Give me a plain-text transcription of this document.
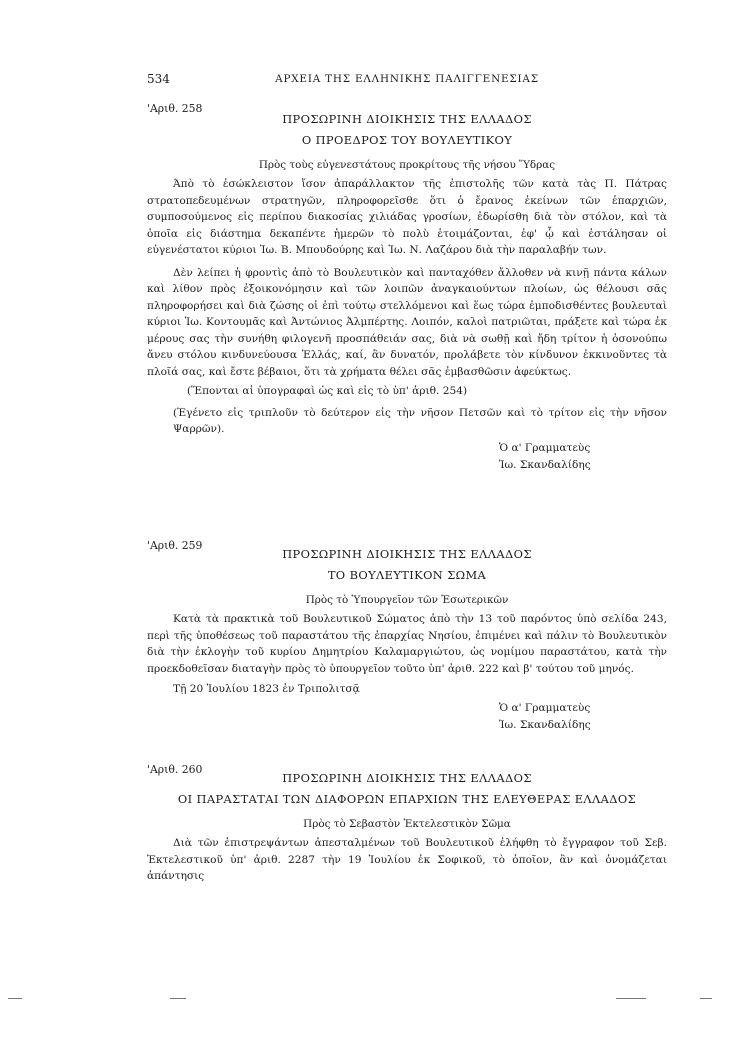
534	ΑΡΧΕΙΑ ΤΗΣ ΕΛΛΗΝΙΚΗΣ ΠΑΛΙΓΓΕΝΕΣΙΑΣ
'Αριθ. 258
ΠΡΟΣΩΡΙΝΗ ΔΙΟΙΚΗΣΙΣ ΤΗΣ ΕΛΛΑΔΟΣ
Ο ΠΡΟΕΔΡΟΣ ΤΟΥ ΒΟΥΛΕΥΤΙΚΟΥ
Πρὸς τοὺς εὐγενεστάτους προκρίτους τῆς νήσου Ὕδρας

Ἀπὸ τὸ ἐσώκλειστον ἴσον ἀπαράλλακτον τῆς ἐπιστολῆς τῶν κατὰ τὰς Π. Πάτρας στρατοπεδευμένων στρατηγῶν, πληροφορεῖσθε ὅτι ὁ ἔρανος ἐκείνων τῶν ἐπαρχιῶν, συμποσούμενος εἰς περίπου διακοσίας χιλιάδας γροσίων, ἐδωρίσθη διὰ τὸν στόλον, καὶ τὰ ὁποῖα εἰς διάστημα δεκαπέντε ἡμερῶν τὸ πολὺ ἑτοιμάζονται, ἐφ' ᾧ καὶ ἐστάλησαν οἱ εὐγενέστατοι κύριοι Ἰω. Β. Μπουδούρης καὶ Ἰω. Ν. Λαζάρου διὰ τὴν παραλαβήν των.

Δὲν λείπει ἡ φροντὶς ἀπὸ τὸ Βουλευτικὸν καὶ πανταχόθεν ἄλλοθεν νὰ κινῇ πάντα κάλων καὶ λίθον πρὸς ἐξοικονόμησιν καὶ τῶν λοιπῶν ἀναγκαιούντων πλοίων, ὡς θέλουσι σᾶς πληροφορήσει καὶ διὰ ζώσης οἱ ἐπὶ τούτῳ στελλόμενοι καὶ ἕως τώρα ἐμποδισθέντες βουλευταὶ κύριοι Ἰω. Κοντουμᾶς καὶ Ἀντώνιος Ἀλμπέρτης. Λοιπόν, καλοὶ πατριῶται, πράξετε καὶ τώρα ἐκ μέρους σας τὴν συνήθη φιλογενῆ προσπάθειάν σας, διὰ νὰ σωθῇ καὶ ἤδη τρίτον ἡ ὁσονούπω ἄνευ στόλου κινδυνεύουσα Ἑλλάς, καί, ἂν δυνατόν, προλάβετε τὸν κίνδυνον ἐκκινοῦντες τὰ πλοῖά σας, καὶ ἔστε βέβαιοι, ὅτι τὰ χρήματα θέλει σᾶς ἐμβασθῶσιν ἀφεύκτως.

(Ἕπονται αἱ ὑπογραφαὶ ὡς καὶ εἰς τὸ ὑπ' ἀριθ. 254)

(Ἐγένετο εἰς τριπλοῦν τὸ δεύτερον εἰς τὴν νῆσον Πετσῶν καὶ τὸ τρίτον εἰς τὴν νῆσον Ψαρρῶν).

Ὁ α' Γραμματεὺς
Ἰω. Σκανδαλίδης
'Αριθ. 259
ΠΡΟΣΩΡΙΝΗ ΔΙΟΙΚΗΣΙΣ ΤΗΣ ΕΛΛΑΔΟΣ
ΤΟ ΒΟΥΛΕΥΤΙΚΟΝ ΣΩΜΑ
Πρὸς τὸ Ὑπουργεῖον τῶν Ἐσωτερικῶν

Κατὰ τὰ πρακτικὰ τοῦ Βουλευτικοῦ Σώματος ἀπὸ τὴν 13 τοῦ παρόντος ὑπὸ σελίδα 243, περὶ τῆς ὑποθέσεως τοῦ παραστάτου τῆς ἐπαρχίας Νησίου, ἐπιμένει καὶ πάλιν τὸ Βουλευτικὸν διὰ τὴν ἐκλογὴν τοῦ κυρίου Δημητρίου Καλαμαργιώτου, ὡς νομίμου παραστάτου, κατὰ τὴν προεκδοθεῖσαν διαταγὴν πρὸς τὸ ὑπουργεῖον τοῦτο ὑπ' ἀριθ. 222 καὶ β' τούτου τοῦ μηνός.

Τῇ 20 Ἰουλίου 1823 ἐν Τριπολιτσᾷ
Ὁ α' Γραμματεὺς
Ἰω. Σκανδαλίδης
'Αριθ. 260
ΠΡΟΣΩΡΙΝΗ ΔΙΟΙΚΗΣΙΣ ΤΗΣ ΕΛΛΑΔΟΣ
ΟΙ ΠΑΡΑΣΤΑΤΑΙ ΤΩΝ ΔΙΑΦΟΡΩΝ ΕΠΑΡΧΙΩΝ ΤΗΣ ΕΛΕΥΘΕΡΑΣ ΕΛΛΑΔΟΣ
Πρὸς τὸ Σεβαστὸν Ἐκτελεστικὸν Σῶμα

Διὰ τῶν ἐπιστρεψάντων ἀπεσταλμένων τοῦ Βουλευτικοῦ ἐλήφθη τὸ ἔγγραφον τοῦ Σεβ. Ἐκτελεστικοῦ ὑπ' ἀριθ. 2287 τὴν 19 Ἰουλίου ἐκ Σοφικοῦ, τὸ ὁποῖον, ἂν καὶ ὀνομάζεται ἀπάντησις
